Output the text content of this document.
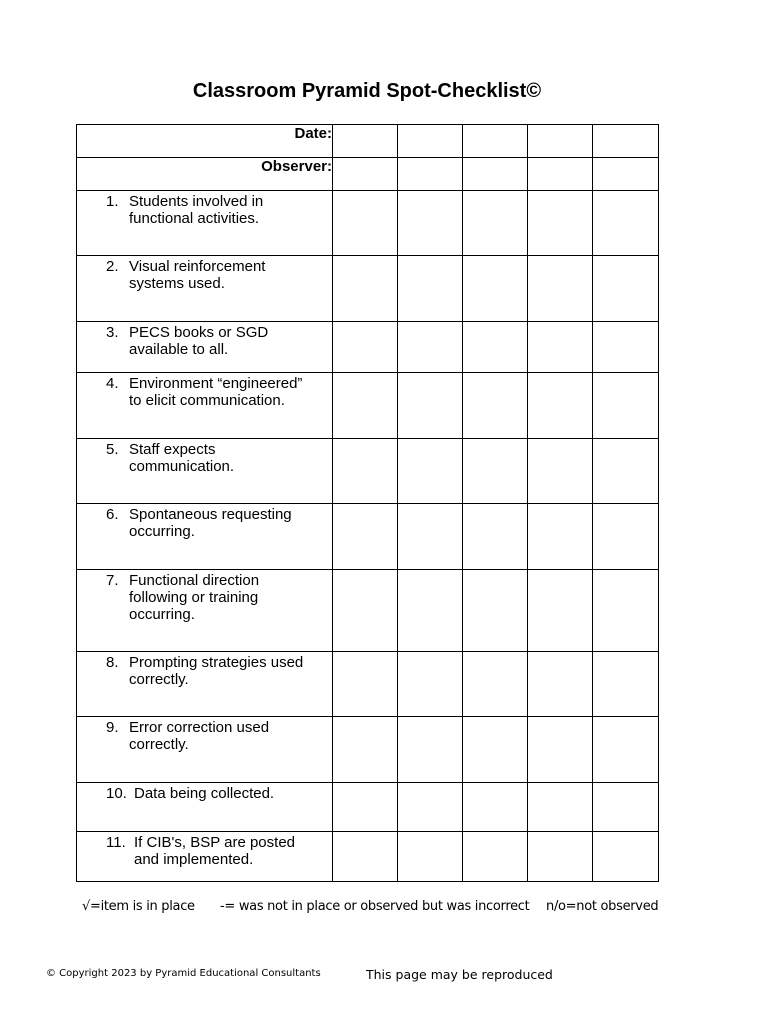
Classroom Pyramid Spot-Checklist©
Date:					
Observer:					

1. Students involved in
functional activities.					

2. Visual reinforcement
systems used.					

3. PECS books or SGD
available to all.					

4. Environment “engineered”
to elicit communication.					

5. Staff expects
communication.					

6. Spontaneous requesting
occurring.					

7. Functional direction
following or training
occurring.					

8. Prompting strategies used
correctly.					

9. Error correction used
correctly.					

10. Data being collected.					

11. If CIB's, BSP are posted
and implemented.					

√=item is in place -= was not in place or observed but was incorrect n/o=not observed
© Copyright 2023 by Pyramid Educational Consultants	This page may be reproduced
